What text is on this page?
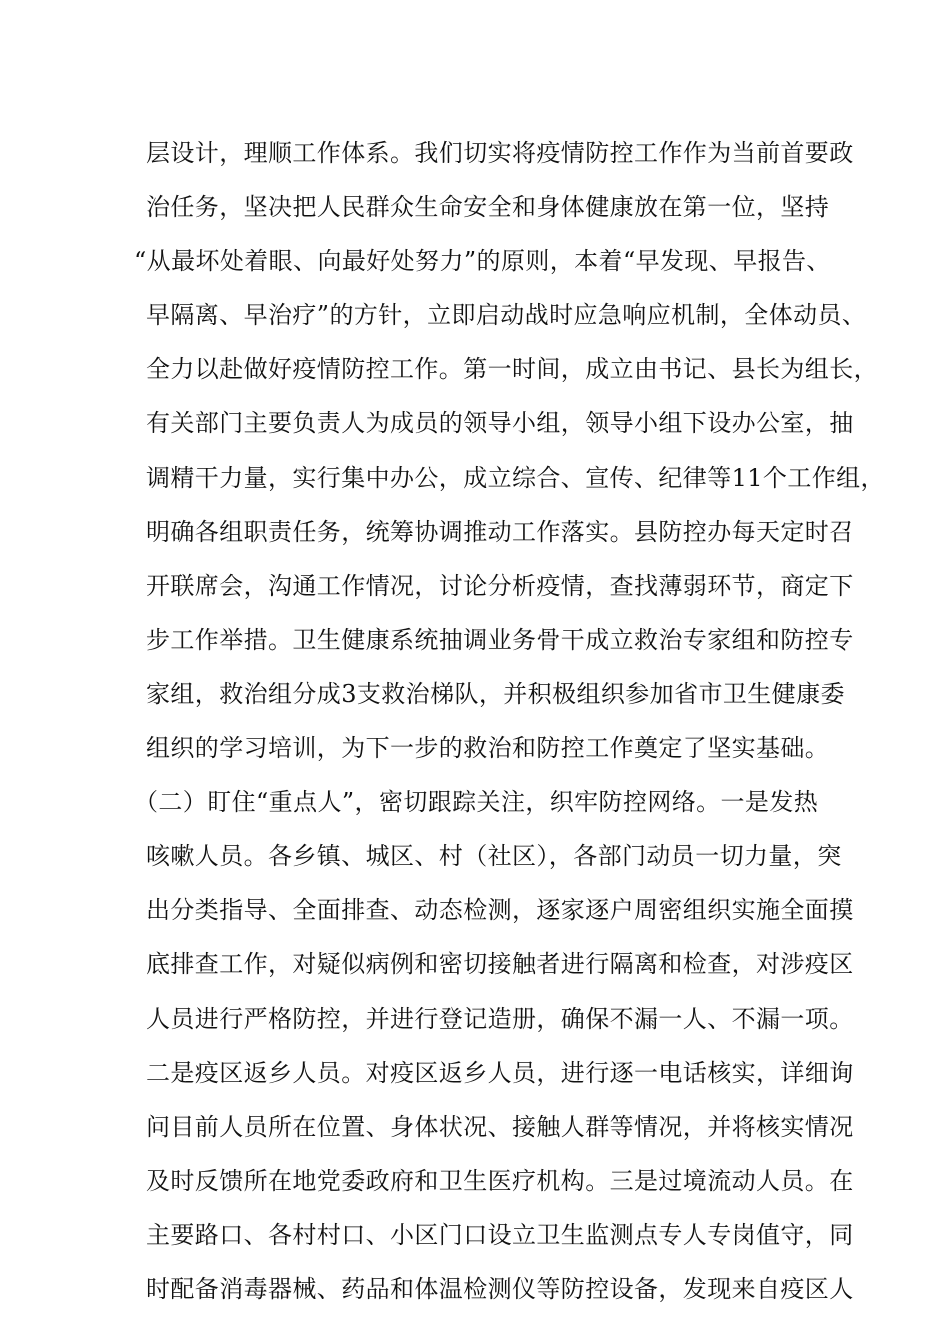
层设计，理顺工作体系。我们切实将疫情防控工作作为当前首要政
治任务，坚决把人民群众生命安全和身体健康放在第一位，坚持
“从最坏处着眼、向最好处努力”的原则，本着“早发现、早报告、
早隔离、早治疗”的方针，立即启动战时应急响应机制，全体动员、
全力以赴做好疫情防控工作。第一时间，成立由书记、县长为组长，
有关部门主要负责人为成员的领导小组，领导小组下设办公室，抽
调精干力量，实行集中办公，成立综合、宣传、纪律等11个工作组，
明确各组职责任务，统筹协调推动工作落实。县防控办每天定时召
开联席会，沟通工作情况，讨论分析疫情，查找薄弱环节，商定下
步工作举措。卫生健康系统抽调业务骨干成立救治专家组和防控专
家组，救治组分成3支救治梯队，并积极组织参加省市卫生健康委
组织的学习培训，为下一步的救治和防控工作奠定了坚实基础。
（二）盯住“重点人”，密切跟踪关注，织牢防控网络。一是发热
咳嗽人员。各乡镇、城区、村（社区），各部门动员一切力量，突
出分类指导、全面排查、动态检测，逐家逐户周密组织实施全面摸
底排查工作，对疑似病例和密切接触者进行隔离和检查，对涉疫区
人员进行严格防控，并进行登记造册，确保不漏一人、不漏一项。
二是疫区返乡人员。对疫区返乡人员，进行逐一电话核实，详细询
问目前人员所在位置、身体状况、接触人群等情况，并将核实情况
及时反馈所在地党委政府和卫生医疗机构。三是过境流动人员。在
主要路口、各村村口、小区门口设立卫生监测点专人专岗值守，同
时配备消毒器械、药品和体温检测仪等防控设备，发现来自疫区人
